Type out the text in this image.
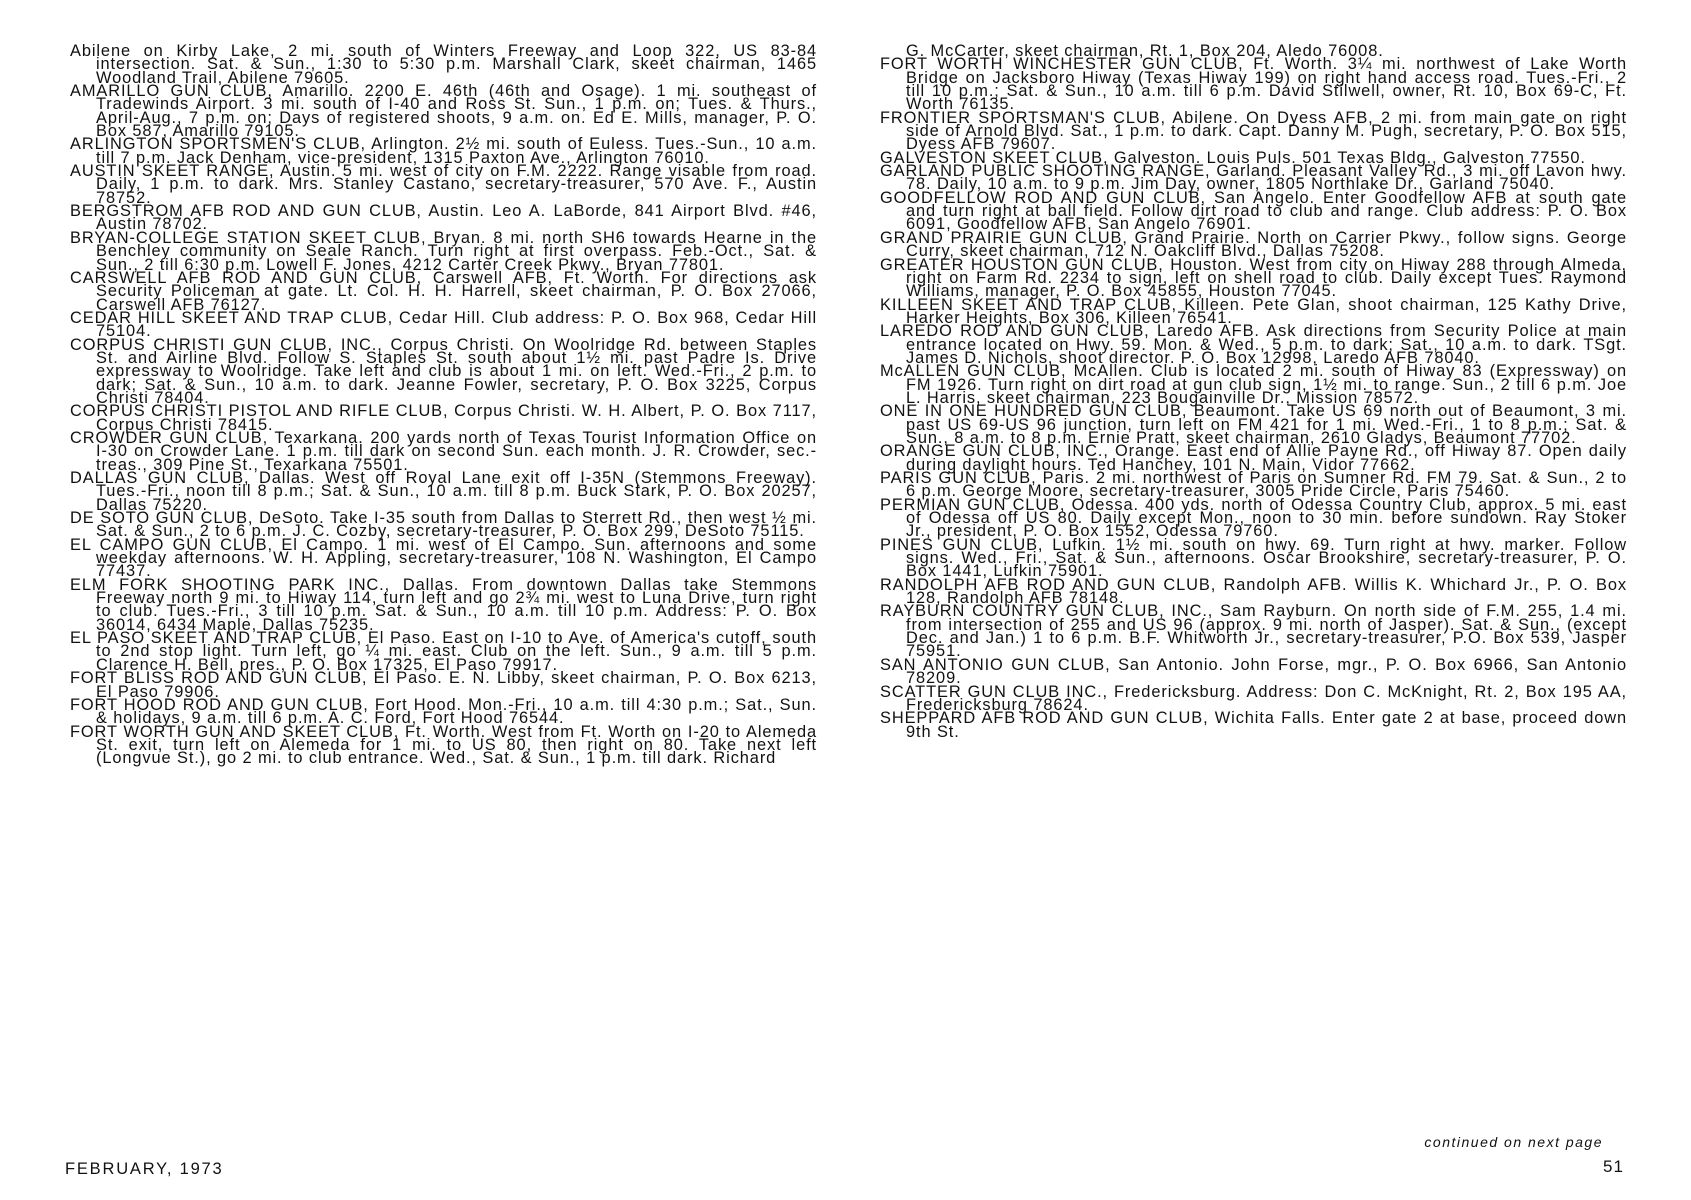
Abilene on Kirby Lake, 2 mi. south of Winters Freeway and Loop 322, US 83-84 intersection. Sat. & Sun., 1:30 to 5:30 p.m. Marshall Clark, skeet chairman, 1465 Woodland Trail, Abilene 79605.

AMARILLO GUN CLUB, Amarillo. 2200 E. 46th (46th and Osage). 1 mi. southeast of Tradewinds Airport. 3 mi. south of I-40 and Ross St. Sun., 1 p.m. on; Tues. & Thurs., April-Aug., 7 p.m. on; Days of registered shoots, 9 a.m. on. Ed E. Mills, manager, P. O. Box 587, Amarillo 79105.

ARLINGTON SPORTSMEN'S CLUB, Arlington. 2½ mi. south of Euless. Tues.-Sun., 10 a.m. till 7 p.m. Jack Denham, vice-president, 1315 Paxton Ave., Arlington 76010.

AUSTIN SKEET RANGE, Austin. 5 mi. west of city on F.M. 2222. Range visable from road. Daily, 1 p.m. to dark. Mrs. Stanley Castano, secretary-treasurer, 570 Ave. F., Austin 78752.

BERGSTROM AFB ROD AND GUN CLUB, Austin. Leo A. LaBorde, 841 Airport Blvd. #46, Austin 78702.

BRYAN-COLLEGE STATION SKEET CLUB, Bryan. 8 mi. north SH6 towards Hearne in the Benchley community on Seale Ranch. Turn right at first overpass. Feb.-Oct., Sat. & Sun., 2 till 6:30 p.m. Lowell F. Jones, 4212 Carter Creek Pkwy., Bryan 77801.

CARSWELL AFB ROD AND GUN CLUB, Carswell AFB, Ft. Worth. For directions ask Security Policeman at gate. Lt. Col. H. H. Harrell, skeet chairman, P. O. Box 27066, Carswell AFB 76127.

CEDAR HILL SKEET AND TRAP CLUB, Cedar Hill. Club address: P. O. Box 968, Cedar Hill 75104.

CORPUS CHRISTI GUN CLUB, INC., Corpus Christi. On Woolridge Rd. between Staples St. and Airline Blvd. Follow S. Staples St. south about 1½ mi. past Padre Is. Drive expressway to Woolridge. Take left and club is about 1 mi. on left. Wed.-Fri., 2 p.m. to dark; Sat. & Sun., 10 a.m. to dark. Jeanne Fowler, secretary, P. O. Box 3225, Corpus Christi 78404.

CORPUS CHRISTI PISTOL AND RIFLE CLUB, Corpus Christi. W. H. Albert, P. O. Box 7117, Corpus Christi 78415.

CROWDER GUN CLUB, Texarkana. 200 yards north of Texas Tourist Information Office on I-30 on Crowder Lane. 1 p.m. till dark on second Sun. each month. J. R. Crowder, sec.-treas., 309 Pine St., Texarkana 75501.

DALLAS GUN CLUB, Dallas. West off Royal Lane exit off I-35N (Stemmons Freeway). Tues.-Fri., noon till 8 p.m.; Sat. & Sun., 10 a.m. till 8 p.m. Buck Stark, P. O. Box 20257, Dallas 75220.

DE SOTO GUN CLUB, DeSoto. Take I-35 south from Dallas to Sterrett Rd., then west ½ mi. Sat. & Sun., 2 to 6 p.m. J. C. Cozby, secretary-treasurer, P. O. Box 299, DeSoto 75115.

EL CAMPO GUN CLUB, El Campo. 1 mi. west of El Campo. Sun. afternoons and some weekday afternoons. W. H. Appling, secretary-treasurer, 108 N. Washington, El Campo 77437.

ELM FORK SHOOTING PARK INC., Dallas. From downtown Dallas take Stemmons Freeway north 9 mi. to Hiway 114, turn left and go 2¾ mi. west to Luna Drive, turn right to club. Tues.-Fri., 3 till 10 p.m. Sat. & Sun., 10 a.m. till 10 p.m. Address: P. O. Box 36014, 6434 Maple, Dallas 75235.

EL PASO SKEET AND TRAP CLUB, El Paso. East on I-10 to Ave. of America's cutoff, south to 2nd stop light. Turn left, go ¼ mi. east. Club on the left. Sun., 9 a.m. till 5 p.m. Clarence H. Bell, pres., P. O. Box 17325, El Paso 79917.

FORT BLISS ROD AND GUN CLUB, El Paso. E. N. Libby, skeet chairman, P. O. Box 6213, El Paso 79906.

FORT HOOD ROD AND GUN CLUB, Fort Hood. Mon.-Fri., 10 a.m. till 4:30 p.m.; Sat., Sun. & holidays, 9 a.m. till 6 p.m. A. C. Ford, Fort Hood 76544.

FORT WORTH GUN AND SKEET CLUB, Ft. Worth. West from Ft. Worth on I-20 to Alemeda St. exit, turn left on Alemeda for 1 mi. to US 80, then right on 80. Take next left (Longvue St.), go 2 mi. to club entrance. Wed., Sat. & Sun., 1 p.m. till dark. Richard

G. McCarter, skeet chairman, Rt. 1, Box 204, Aledo 76008.

FORT WORTH WINCHESTER GUN CLUB, Ft. Worth. 3¼ mi. northwest of Lake Worth Bridge on Jacksboro Hiway (Texas Hiway 199) on right hand access road. Tues.-Fri., 2 till 10 p.m.; Sat. & Sun., 10 a.m. till 6 p.m. David Stilwell, owner, Rt. 10, Box 69-C, Ft. Worth 76135.

FRONTIER SPORTSMAN'S CLUB, Abilene. On Dyess AFB, 2 mi. from main gate on right side of Arnold Blvd. Sat., 1 p.m. to dark. Capt. Danny M. Pugh, secretary, P. O. Box 515, Dyess AFB 79607.

GALVESTON SKEET CLUB, Galveston. Louis Puls. 501 Texas Bldg., Galveston 77550.

GARLAND PUBLIC SHOOTING RANGE, Garland. Pleasant Valley Rd., 3 mi. off Lavon hwy. 78. Daily, 10 a.m. to 9 p.m. Jim Day, owner, 1805 Northlake Dr., Garland 75040.

GOODFELLOW ROD AND GUN CLUB, San Angelo. Enter Goodfellow AFB at south gate and turn right at ball field. Follow dirt road to club and range. Club address: P. O. Box 6091, Goodfellow AFB, San Angelo 76901.

GRAND PRAIRIE GUN CLUB, Grand Prairie. North on Carrier Pkwy., follow signs. George Curry, skeet chairman, 712 N. Oakcliff Blvd., Dallas 75208.

GREATER HOUSTON GUN CLUB, Houston. West from city on Hiway 288 through Almeda, right on Farm Rd. 2234 to sign, left on shell road to club. Daily except Tues. Raymond Williams, manager, P. O. Box 45855, Houston 77045.

KILLEEN SKEET AND TRAP CLUB, Killeen. Pete Glan, shoot chairman, 125 Kathy Drive, Harker Heights, Box 306, Killeen 76541.

LAREDO ROD AND GUN CLUB, Laredo AFB. Ask directions from Security Police at main entrance located on Hwy. 59. Mon. & Wed., 5 p.m. to dark; Sat., 10 a.m. to dark. TSgt. James D. Nichols, shoot director. P. O. Box 12998, Laredo AFB 78040.

McALLEN GUN CLUB, McAllen. Club is located 2 mi. south of Hiway 83 (Expressway) on FM 1926. Turn right on dirt road at gun club sign, 1½ mi. to range. Sun., 2 till 6 p.m. Joe L. Harris, skeet chairman, 223 Bougainville Dr., Mission 78572.

ONE IN ONE HUNDRED GUN CLUB, Beaumont. Take US 69 north out of Beaumont, 3 mi. past US 69-US 96 junction, turn left on FM 421 for 1 mi. Wed.-Fri., 1 to 8 p.m.; Sat. & Sun., 8 a.m. to 8 p.m. Ernie Pratt, skeet chairman, 2610 Gladys, Beaumont 77702.

ORANGE GUN CLUB, INC., Orange. East end of Allie Payne Rd., off Hiway 87. Open daily during daylight hours. Ted Hanchey, 101 N. Main, Vidor 77662.

PARIS GUN CLUB, Paris. 2 mi. northwest of Paris on Sumner Rd. FM 79. Sat. & Sun., 2 to 6 p.m. George Moore, secretary-treasurer, 3005 Pride Circle, Paris 75460.

PERMIAN GUN CLUB, Odessa. 400 yds. north of Odessa Country Club, approx. 5 mi. east of Odessa off US 80. Daily except Mon., noon to 30 min. before sundown. Ray Stoker Jr., president, P. O. Box 1552, Odessa 79760.

PINES GUN CLUB, Lufkin. 1½ mi. south on hwy. 69. Turn right at hwy. marker. Follow signs. Wed., Fri., Sat. & Sun., afternoons. Oscar Brookshire, secretary-treasurer, P. O. Box 1441, Lufkin 75901.

RANDOLPH AFB ROD AND GUN CLUB, Randolph AFB. Willis K. Whichard Jr., P. O. Box 128, Randolph AFB 78148.

RAYBURN COUNTRY GUN CLUB, INC., Sam Rayburn. On north side of F.M. 255, 1.4 mi. from intersection of 255 and US 96 (approx. 9 mi. north of Jasper). Sat. & Sun., (except Dec. and Jan.) 1 to 6 p.m. B.F. Whitworth Jr., secretary-treasurer, P.O. Box 539, Jasper 75951.

SAN ANTONIO GUN CLUB, San Antonio. John Forse, mgr., P. O. Box 6966, San Antonio 78209.

SCATTER GUN CLUB INC., Fredericksburg. Address: Don C. McKnight, Rt. 2, Box 195 AA, Fredericksburg 78624.

SHEPPARD AFB ROD AND GUN CLUB, Wichita Falls. Enter gate 2 at base, proceed down 9th St.

continued on next page
FEBRUARY, 1973	51
